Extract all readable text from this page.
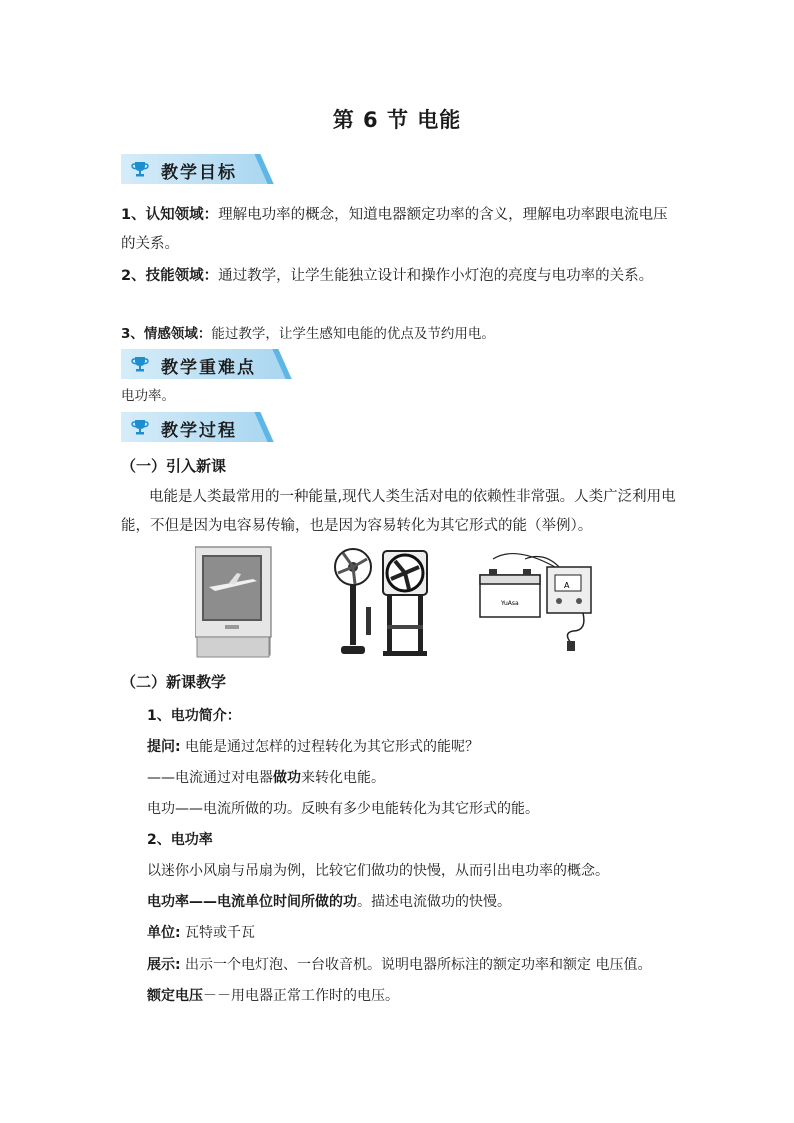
第 6 节 电能
教学目标
1、认知领域：理解电功率的概念，知道电器额定功率的含义，理解电功率跟电流电压的关系。
2、技能领域：通过教学，让学生能独立设计和操作小灯泡的亮度与电功率的关系。
3、情感领域：能过教学，让学生感知电能的优点及节约用电。
教学重难点
电功率。
教学过程
（一）引入新课
电能是人类最常用的一种能量,现代人类生活对电的依赖性非常强。人类广泛利用电能，不但是因为电容易传输，也是因为容易转化为其它形式的能（举例）。
YuAsa
A
（二）新课教学
1、电功简介：
提问: 电能是通过怎样的过程转化为其它形式的能呢？
——电流通过对电器做功来转化电能。
电功——电流所做的功。反映有多少电能转化为其它形式的能。
2、电功率
以迷你小风扇与吊扇为例，比较它们做功的快慢，从而引出电功率的概念。
电功率——电流单位时间所做的功。描述电流做功的快慢。
单位: 瓦特或千瓦
展示: 出示一个电灯泡、一台收音机。说明电器所标注的额定功率和额定 电压值。
额定电压－－用电器正常工作时的电压。
